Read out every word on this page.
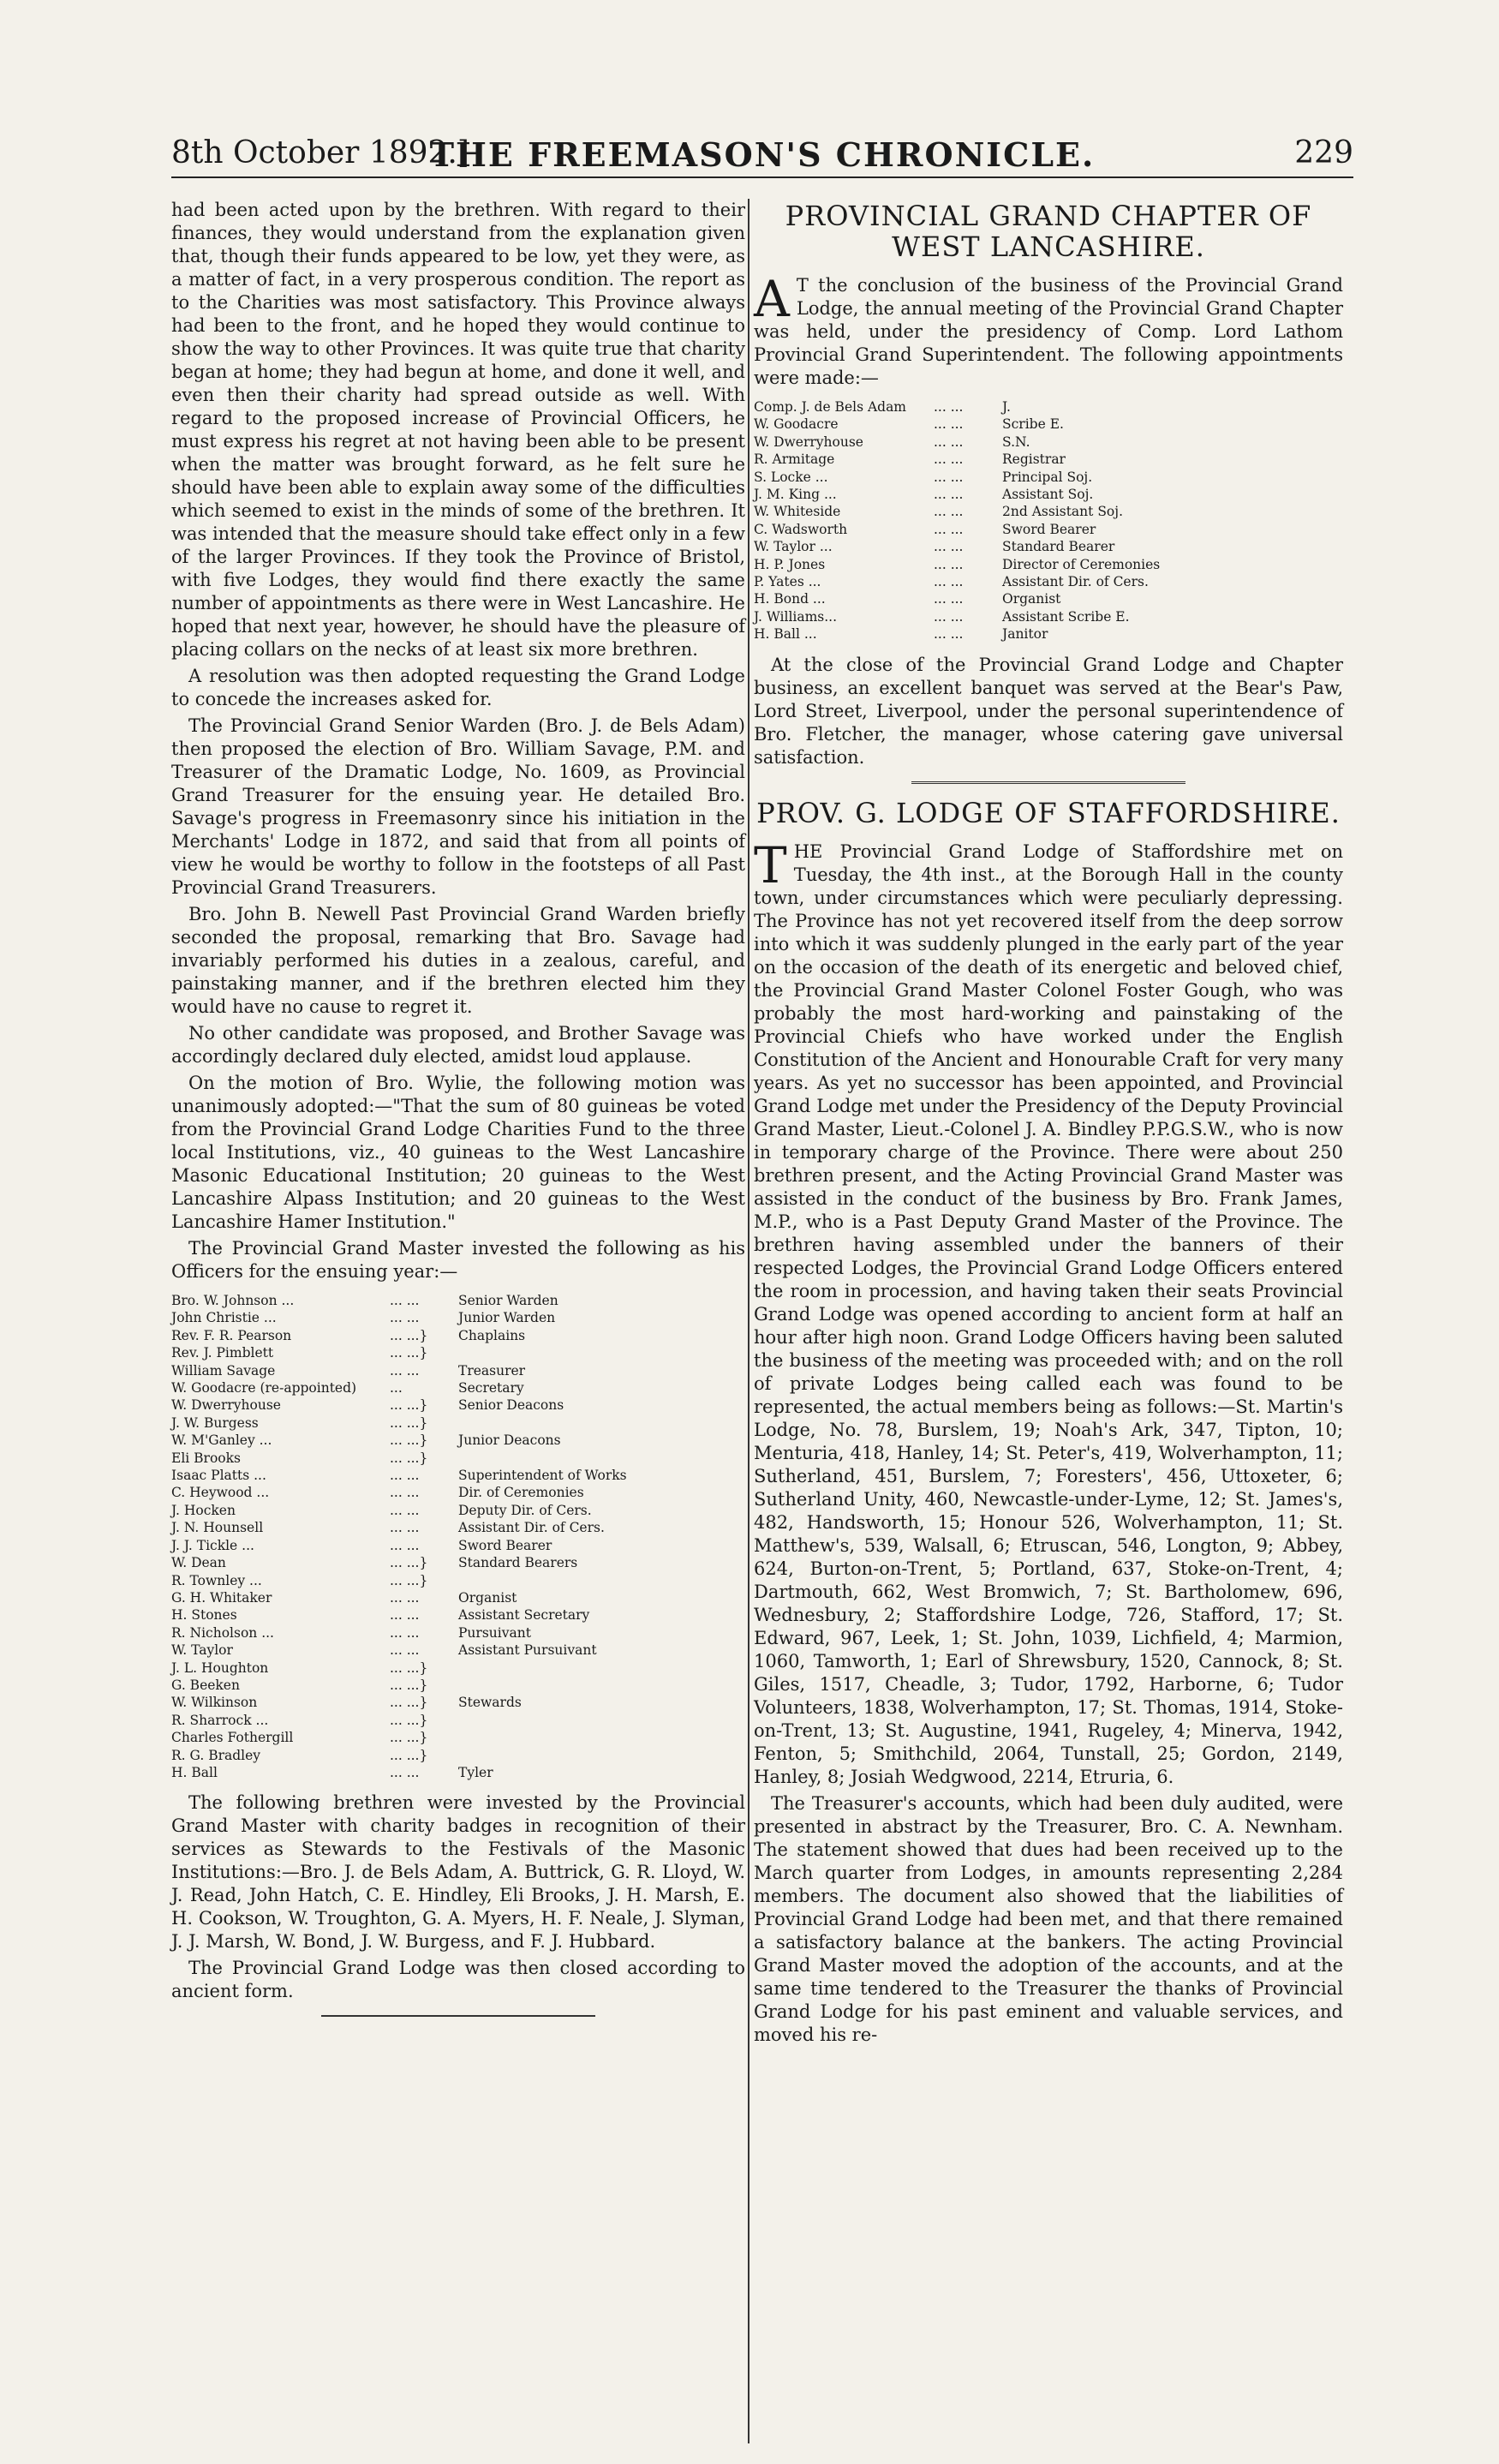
8th October 1892.]
THE FREEMASON'S CHRONICLE.	229

had been acted upon by the brethren. With regard to their finances, they would understand from the explanation given that, though their funds appeared to be low, yet they were, as a matter of fact, in a very prosperous condition. The report as to the Charities was most satisfactory. This Province always had been to the front, and he hoped they would continue to show the way to other Provinces. It was quite true that charity began at home; they had begun at home, and done it well, and even then their charity had spread outside as well. With regard to the proposed increase of Provincial Officers, he must express his regret at not having been able to be present when the matter was brought forward, as he felt sure he should have been able to explain away some of the difficulties which seemed to exist in the minds of some of the brethren. It was intended that the measure should take effect only in a few of the larger Provinces. If they took the Province of Bristol, with five Lodges, they would find there exactly the same number of appointments as there were in West Lancashire. He hoped that next year, however, he should have the pleasure of placing collars on the necks of at least six more brethren.

A resolution was then adopted requesting the Grand Lodge to concede the increases asked for.

The Provincial Grand Senior Warden (Bro. J. de Bels Adam) then proposed the election of Bro. William Savage, P.M. and Treasurer of the Dramatic Lodge, No. 1609, as Provincial Grand Treasurer for the ensuing year. He detailed Bro. Savage's progress in Freemasonry since his initiation in the Merchants' Lodge in 1872, and said that from all points of view he would be worthy to follow in the footsteps of all Past Provincial Grand Treasurers.

Bro. John B. Newell Past Provincial Grand Warden briefly seconded the proposal, remarking that Bro. Savage had invariably performed his duties in a zealous, careful, and painstaking manner, and if the brethren elected him they would have no cause to regret it.

No other candidate was proposed, and Brother Savage was accordingly declared duly elected, amidst loud applause.

On the motion of Bro. Wylie, the following motion was unanimously adopted:—"That the sum of 80 guineas be voted from the Provincial Grand Lodge Charities Fund to the three local Institutions, viz., 40 guineas to the West Lancashire Masonic Educational Institution; 20 guineas to the West Lancashire Alpass Institution; and 20 guineas to the West Lancashire Hamer Institution."

The Provincial Grand Master invested the following as his Officers for the ensuing year:—

Bro. W. Johnson ...	... ...	Senior Warden
John Christie ...	... ...	Junior Warden
Rev. F. R. Pearson	... ...}	Chaplains
Rev. J. Pimblett	... ...}
William Savage	... ...	Treasurer
W. Goodacre (re-appointed)	...	Secretary
W. Dwerryhouse	... ...}	Senior Deacons
J. W. Burgess	... ...}
W. M'Ganley ...	... ...}	Junior Deacons
Eli Brooks	... ...}
Isaac Platts ...	... ...	Superintendent of Works
C. Heywood ...	... ...	Dir. of Ceremonies
J. Hocken	... ...	Deputy Dir. of Cers.
J. N. Hounsell	... ...	Assistant Dir. of Cers.
J. J. Tickle ...	... ...	Sword Bearer
W. Dean	... ...}	Standard Bearers
R. Townley ...	... ...}
G. H. Whitaker	... ...	Organist
H. Stones	... ...	Assistant Secretary
R. Nicholson ...	... ...	Pursuivant
W. Taylor	... ...	Assistant Pursuivant
J. L. Houghton	... ...}
G. Beeken	... ...}
W. Wilkinson	... ...}	Stewards
R. Sharrock ...	... ...}
Charles Fothergill	... ...}
R. G. Bradley	... ...}
H. Ball	... ...	Tyler

The following brethren were invested by the Provincial Grand Master with charity badges in recognition of their services as Stewards to the Festivals of the Masonic Institutions:—Bro. J. de Bels Adam, A. Buttrick, G. R. Lloyd, W. J. Read, John Hatch, C. E. Hindley, Eli Brooks, J. H. Marsh, E. H. Cookson, W. Troughton, G. A. Myers, H. F. Neale, J. Slyman, J. J. Marsh, W. Bond, J. W. Burgess, and F. J. Hubbard.

The Provincial Grand Lodge was then closed according to ancient form.

PROVINCIAL GRAND CHAPTER OF WEST LANCASHIRE.

A T the conclusion of the business of the Provincial Grand Lodge, the annual meeting of the Provincial Grand Chapter was held, under the presidency of Comp. Lord Lathom Provincial Grand Superintendent. The following appointments were made:—

Comp. J. de Bels Adam	... ...	J.
W. Goodacre	... ...	Scribe E.
W. Dwerryhouse	... ...	S.N.
R. Armitage	... ...	Registrar
S. Locke ...	... ...	Principal Soj.
J. M. King ...	... ...	Assistant Soj.
W. Whiteside	... ...	2nd Assistant Soj.
C. Wadsworth	... ...	Sword Bearer
W. Taylor ...	... ...	Standard Bearer
H. P. Jones	... ...	Director of Ceremonies
P. Yates ...	... ...	Assistant Dir. of Cers.
H. Bond ...	... ...	Organist
J. Williams...	... ...	Assistant Scribe E.
H. Ball ...	... ...	Janitor

At the close of the Provincial Grand Lodge and Chapter business, an excellent banquet was served at the Bear's Paw, Lord Street, Liverpool, under the personal superintendence of Bro. Fletcher, the manager, whose catering gave universal satisfaction.

PROV. G. LODGE OF STAFFORDSHIRE.

THE Provincial Grand Lodge of Staffordshire met on Tuesday, the 4th inst., at the Borough Hall in the county town, under circumstances which were peculiarly depressing. The Province has not yet recovered itself from the deep sorrow into which it was suddenly plunged in the early part of the year on the occasion of the death of its energetic and beloved chief, the Provincial Grand Master Colonel Foster Gough, who was probably the most hard-working and painstaking of the Provincial Chiefs who have worked under the English Constitution of the Ancient and Honourable Craft for very many years. As yet no successor has been appointed, and Provincial Grand Lodge met under the Presidency of the Deputy Provincial Grand Master, Lieut.-Colonel J. A. Bindley P.P.G.S.W., who is now in temporary charge of the Province. There were about 250 brethren present, and the Acting Provincial Grand Master was assisted in the conduct of the business by Bro. Frank James, M.P., who is a Past Deputy Grand Master of the Province. The brethren having assembled under the banners of their respected Lodges, the Provincial Grand Lodge Officers entered the room in procession, and having taken their seats Provincial Grand Lodge was opened according to ancient form at half an hour after high noon. Grand Lodge Officers having been saluted the business of the meeting was proceeded with; and on the roll of private Lodges being called each was found to be represented, the actual members being as follows:—St. Martin's Lodge, No. 78, Burslem, 19; Noah's Ark, 347, Tipton, 10; Menturia, 418, Hanley, 14; St. Peter's, 419, Wolverhampton, 11; Sutherland, 451, Burslem, 7; Foresters', 456, Uttoxeter, 6; Sutherland Unity, 460, Newcastle-under-Lyme, 12; St. James's, 482, Handsworth, 15; Honour 526, Wolverhampton, 11; St. Matthew's, 539, Walsall, 6; Etruscan, 546, Longton, 9; Abbey, 624, Burton-on-Trent, 5; Portland, 637, Stoke-on-Trent, 4; Dartmouth, 662, West Bromwich, 7; St. Bartholomew, 696, Wednesbury, 2; Staffordshire Lodge, 726, Stafford, 17; St. Edward, 967, Leek, 1; St. John, 1039, Lichfield, 4; Marmion, 1060, Tamworth, 1; Earl of Shrewsbury, 1520, Cannock, 8; St. Giles, 1517, Cheadle, 3; Tudor, 1792, Harborne, 6; Tudor Volunteers, 1838, Wolverhampton, 17; St. Thomas, 1914, Stoke-on-Trent, 13; St. Augustine, 1941, Rugeley, 4; Minerva, 1942, Fenton, 5; Smithchild, 2064, Tunstall, 25; Gordon, 2149, Hanley, 8; Josiah Wedgwood, 2214, Etruria, 6.

The Treasurer's accounts, which had been duly audited, were presented in abstract by the Treasurer, Bro. C. A. Newnham. The statement showed that dues had been received up to the March quarter from Lodges, in amounts representing 2,284 members. The document also showed that the liabilities of Provincial Grand Lodge had been met, and that there remained a satisfactory balance at the bankers. The acting Provincial Grand Master moved the adoption of the accounts, and at the same time tendered to the Treasurer the thanks of Provincial Grand Lodge for his past eminent and valuable services, and moved his re-
